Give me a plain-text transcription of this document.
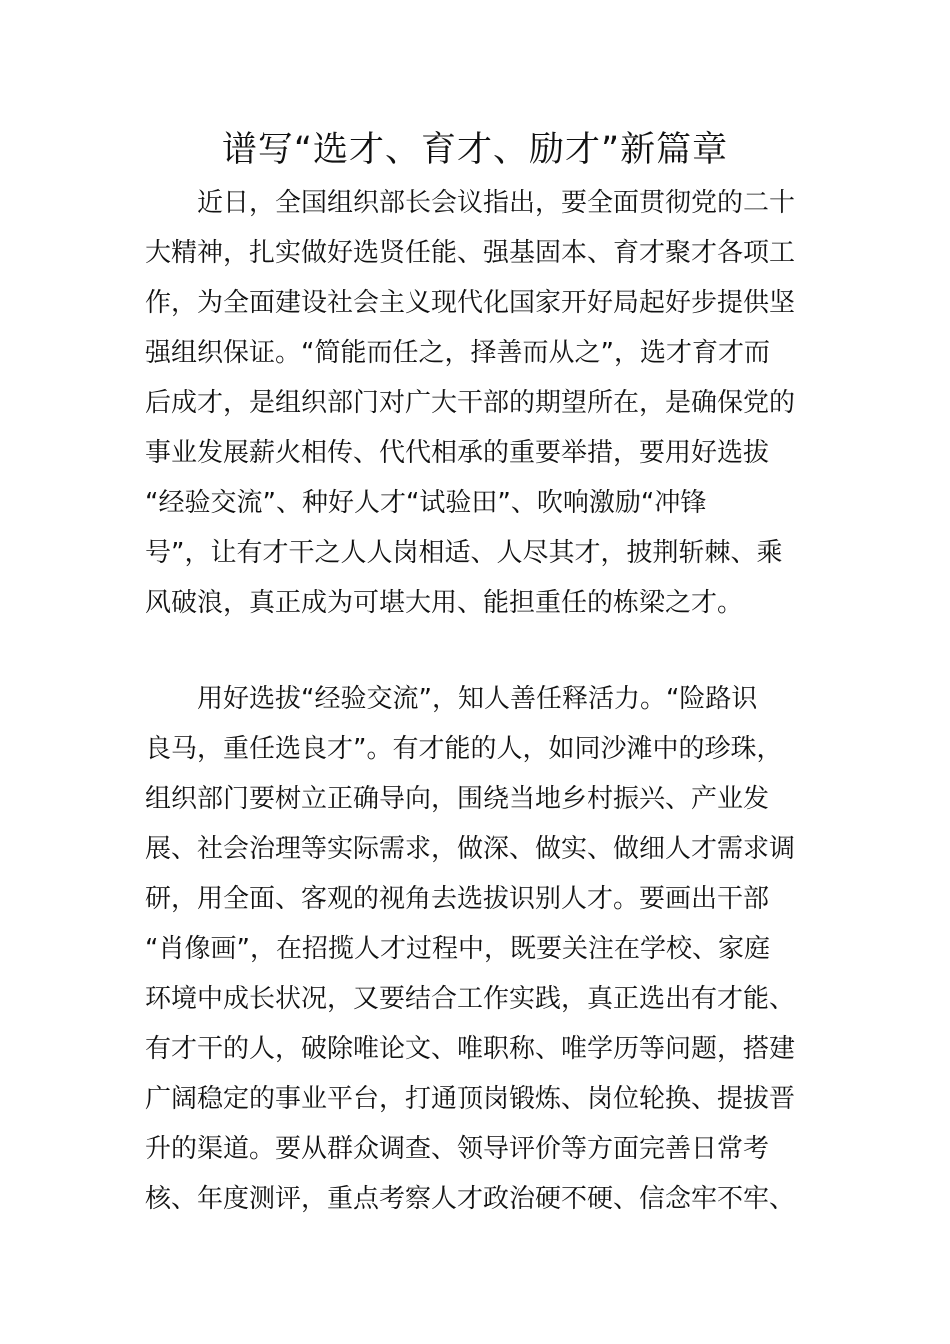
谱写“选才、育才、励才”新篇章
近日，全国组织部长会议指出，要全面贯彻党的二十
大精神，扎实做好选贤任能、强基固本、育才聚才各项工
作，为全面建设社会主义现代化国家开好局起好步提供坚
强组织保证。“简能而任之，择善而从之”，选才育才而
后成才，是组织部门对广大干部的期望所在，是确保党的
事业发展薪火相传、代代相承的重要举措，要用好选拔
“经验交流”、种好人才“试验田”、吹响激励“冲锋
号”，让有才干之人人岗相适、人尽其才，披荆斩棘、乘
风破浪，真正成为可堪大用、能担重任的栋梁之才。
用好选拔“经验交流”，知人善任释活力。“险路识
良马，重任选良才”。有才能的人，如同沙滩中的珍珠，
组织部门要树立正确导向，围绕当地乡村振兴、产业发
展、社会治理等实际需求，做深、做实、做细人才需求调
研，用全面、客观的视角去选拔识别人才。要画出干部
“肖像画”，在招揽人才过程中，既要关注在学校、家庭
环境中成长状况，又要结合工作实践，真正选出有才能、
有才干的人，破除唯论文、唯职称、唯学历等问题，搭建
广阔稳定的事业平台，打通顶岗锻炼、岗位轮换、提拔晋
升的渠道。要从群众调查、领导评价等方面完善日常考
核、年度测评，重点考察人才政治硬不硬、信念牢不牢、
